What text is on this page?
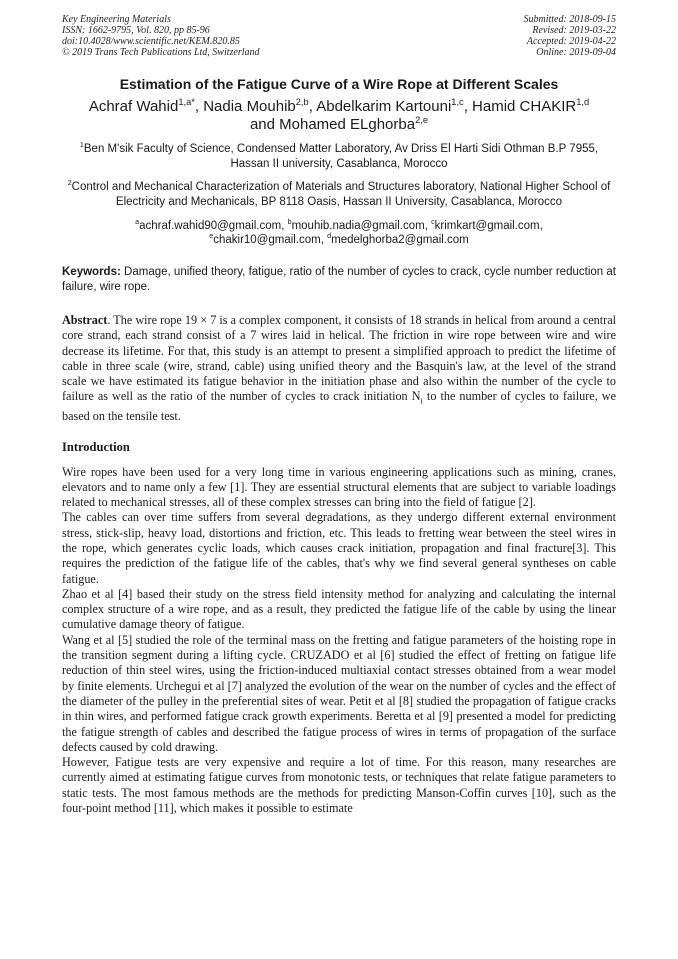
Key Engineering Materials
ISSN: 1662-9795, Vol. 820, pp 85-96
doi:10.4028/www.scientific.net/KEM.820.85
© 2019 Trans Tech Publications Ltd, Switzerland
Submitted: 2018-09-15
Revised: 2019-03-22
Accepted: 2019-04-22
Online: 2019-09-04
Estimation of the Fatigue Curve of a Wire Rope at Different Scales
Achraf Wahid$^{1,a*}$, Nadia Mouhib$^{2,b}$, Abdelkarim Kartouni$^{1,c}$, Hamid CHAKIR$^{1,d}$
and Mohamed ELghorba$^{2,e}$
$^1$Ben M'sik Faculty of Science, Condensed Matter Laboratory, Av Driss El Harti Sidi Othman B.P 7955, Hassan II university, Casablanca, Morocco
$^2$Control and Mechanical Characterization of Materials and Structures laboratory, National Higher School of Electricity and Mechanicals, BP 8118 Oasis, Hassan II University, Casablanca, Morocco
$^a$achraf.wahid90@gmail.com, $^b$mouhib.nadia@gmail.com, $^c$krimkart@gmail.com,
$^e$chakir10@gmail.com, $^d$medelghorba2@gmail.com
Keywords: Damage, unified theory, fatigue, ratio of the number of cycles to crack, cycle number reduction at failure, wire rope.
Abstract. The wire rope 19 × 7 is a complex component, it consists of 18 strands in helical from around a central core strand, each strand consist of a 7 wires laid in helical. The friction in wire rope between wire and wire decrease its lifetime. For that, this study is an attempt to present a simplified approach to predict the lifetime of cable in three scale (wire, strand, cable) using unified theory and the Basquin's law, at the level of the strand scale we have estimated its fatigue behavior in the initiation phase and also within the number of the cycle to failure as well as the ratio of the number of cycles to crack initiation $N_i$ to the number of cycles to failure, we based on the tensile test.
Introduction

Wire ropes have been used for a very long time in various engineering applications such as mining, cranes, elevators and to name only a few [1]. They are essential structural elements that are subject to variable loadings related to mechanical stresses, all of these complex stresses can bring into the field of fatigue [2].

The cables can over time suffers from several degradations, as they undergo different external environment stress, stick-slip, heavy load, distortions and friction, etc. This leads to fretting wear between the steel wires in the rope, which generates cyclic loads, which causes crack initiation, propagation and final fracture[3]. This requires the prediction of the fatigue life of the cables, that's why we find several general syntheses on cable fatigue.

Zhao et al [4] based their study on the stress field intensity method for analyzing and calculating the internal complex structure of a wire rope, and as a result, they predicted the fatigue life of the cable by using the linear cumulative damage theory of fatigue.

Wang et al [5] studied the role of the terminal mass on the fretting and fatigue parameters of the hoisting rope in the transition segment during a lifting cycle. CRUZADO et al [6] studied the effect of fretting on fatigue life reduction of thin steel wires, using the friction-induced multiaxial contact stresses obtained from a wear model by finite elements. Urchegui et al [7] analyzed the evolution of the wear on the number of cycles and the effect of the diameter of the pulley in the preferential sites of wear. Petit et al [8] studied the propagation of fatigue cracks in thin wires, and performed fatigue crack growth experiments. Beretta et al [9] presented a model for predicting the fatigue strength of cables and described the fatigue process of wires in terms of propagation of the surface defects caused by cold drawing.

However, Fatigue tests are very expensive and require a lot of time. For this reason, many researches are currently aimed at estimating fatigue curves from monotonic tests, or techniques that relate fatigue parameters to static tests. The most famous methods are the methods for predicting Manson-Coffin curves [10], such as the four-point method [11], which makes it possible to estimate
